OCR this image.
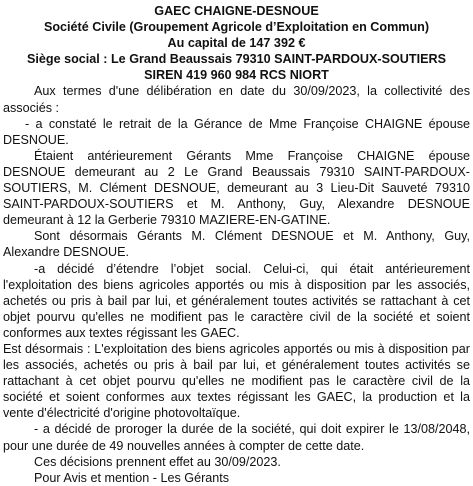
GAEC CHAIGNE-DESNOUE
Société Civile (Groupement Agricole d’Exploitation en Commun)
Au capital de 147 392 €
Siège social : Le Grand Beaussais 79310 SAINT-PARDOUX-SOUTIERS
SIREN 419 960 984 RCS NIORT

Aux termes d'une délibération en date du 30/09/2023, la collectivité des associés :

- a constaté le retrait de la Gérance de Mme Françoise CHAIGNE épouse DESNOUE.

Étaient antérieurement Gérants Mme Françoise CHAIGNE épouse DESNOUE demeurant au 2 Le Grand Beaussais 79310 SAINT-PARDOUX-SOUTIERS, M. Clément DESNOUE, demeurant au 3 Lieu-Dit Sauveté 79310 SAINT-PARDOUX-SOUTIERS et M. Anthony, Guy, Alexandre DESNOUE demeurant à 12 la Gerberie 79310 MAZIERE-EN-GATINE.

Sont désormais Gérants M. Clément DESNOUE et M. Anthony, Guy, Alexandre DESNOUE.

-a décidé d’étendre l’objet social. Celui-ci, qui était antérieurement l'exploitation des biens agricoles apportés ou mis à disposition par les associés, achetés ou pris à bail par lui, et généralement toutes activités se rattachant à cet objet pourvu qu'elles ne modifient pas le caractère civil de la société et soient conformes aux textes régissant les GAEC.

Est désormais : L'exploitation des biens agricoles apportés ou mis à disposition par les associés, achetés ou pris à bail par lui, et généralement toutes activités se rattachant à cet objet pourvu qu'elles ne modifient pas le caractère civil de la société et soient conformes aux textes régissant les GAEC, la production et la vente d'électricité d'origine photovoltaïque.

- a décidé de proroger la durée de la société, qui doit expirer le 13/08/2048, pour une durée de 49 nouvelles années à compter de cette date.

Ces décisions prennent effet au 30/09/2023.

Pour Avis et mention - Les Gérants
